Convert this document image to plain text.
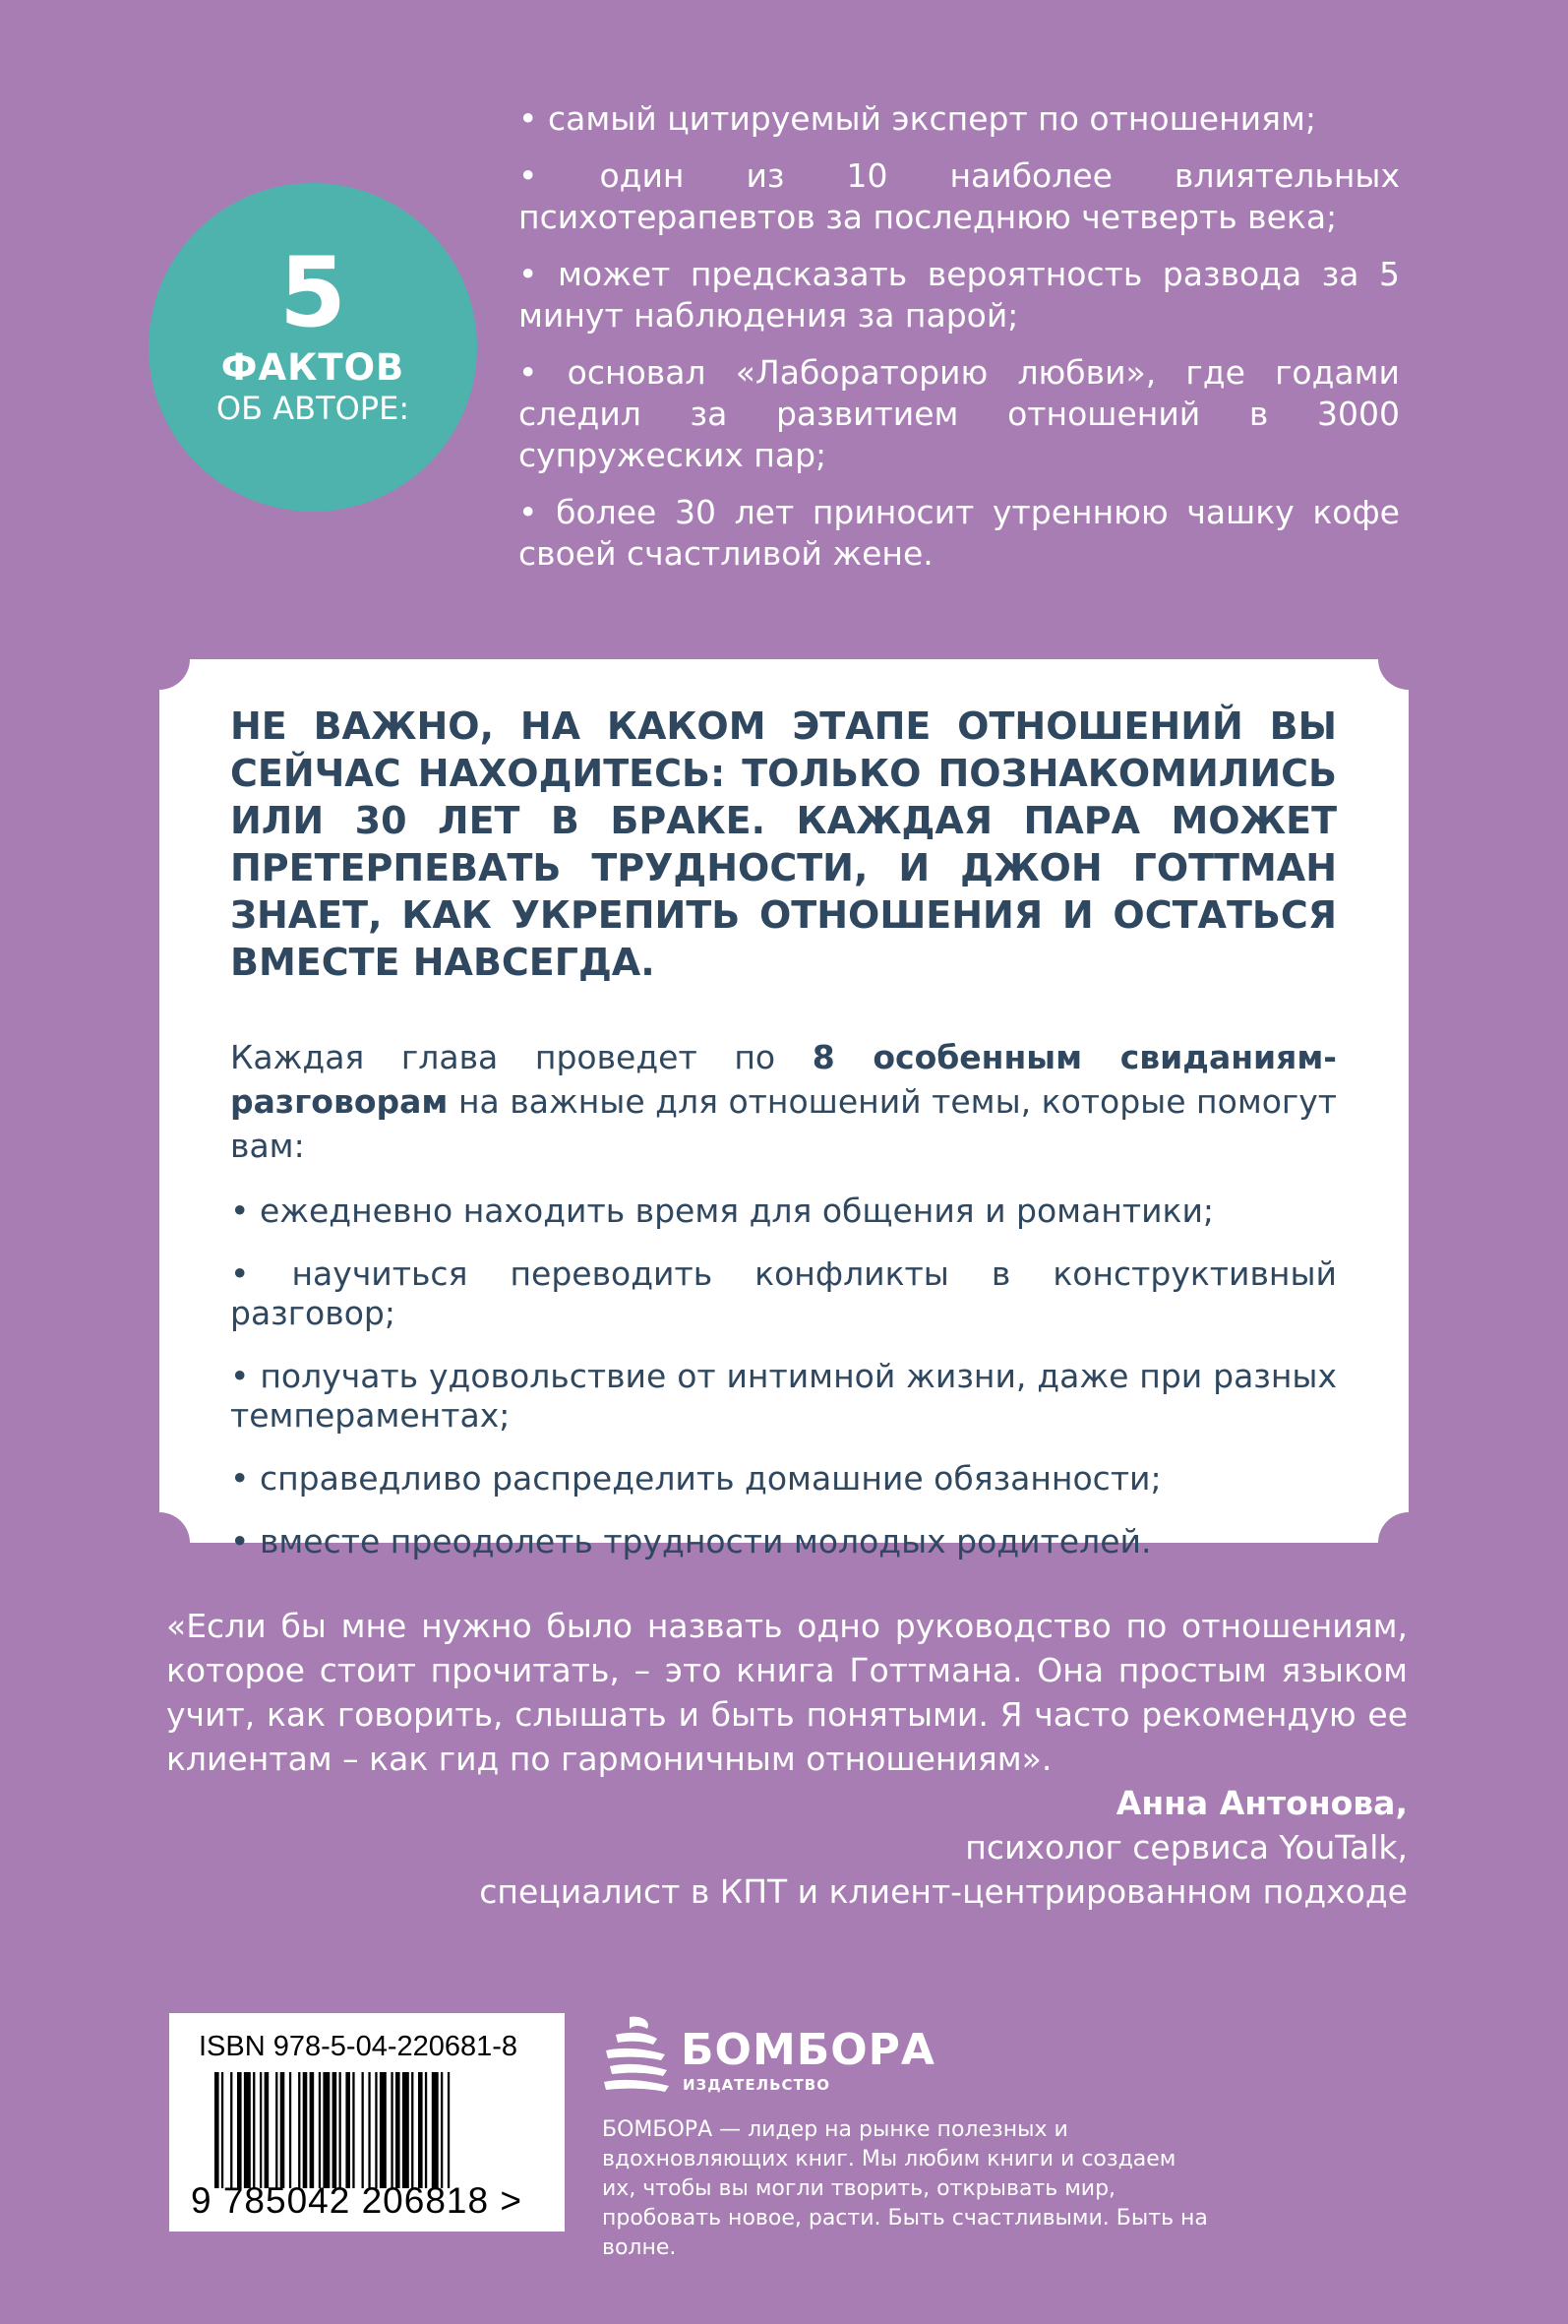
5
ФАКТОВ
ОБ АВТОРЕ:
• самый цитируемый эксперт по отношениям;
• один из 10 наиболее влиятельных психотерапевтов за последнюю четверть века;
• может предсказать вероятность развода за 5 минут наблюдения за парой;
• основал «Лабораторию любви», где годами следил за развитием отношений в 3000 супружеских пар;
• более 30 лет приносит утреннюю чашку кофе своей счастливой жене.

НЕ ВАЖНО, НА КАКОМ ЭТАПЕ ОТНОШЕНИЙ ВЫ СЕЙЧАС НАХОДИТЕСЬ: ТОЛЬКО ПОЗНАКОМИЛИСЬ ИЛИ 30 ЛЕТ В БРАКЕ. КАЖДАЯ ПАРА МОЖЕТ ПРЕТЕРПЕВАТЬ ТРУДНОСТИ, И ДЖОН ГОТТМАН ЗНАЕТ, КАК УКРЕПИТЬ ОТНОШЕНИЯ И ОСТАТЬСЯ ВМЕСТЕ НАВСЕГДА.

Каждая глава проведет по 8 особенным свиданиям-разговорам на важные для отношений темы, которые помогут вам:

• ежедневно находить время для общения и романтики;
• научиться переводить конфликты в конструктивный разговор;
• получать удовольствие от интимной жизни, даже при разных темпераментах;
• справедливо распределить домашние обязанности;
• вместе преодолеть трудности молодых родителей.
«Если бы мне нужно было назвать одно руководство по отношениям, которое стоит прочитать, – это книга Готтмана. Она простым языком учит, как говорить, слышать и быть понятыми. Я часто рекомендую ее клиентам – как гид по гармоничным отношениям».
Анна Антонова,
психолог сервиса YouTalk,
специалист в КПТ и клиент-центрированном подходе
ISBN 978-5-04-220681-8
9 785042 206818 >
БОМБОРА
ИЗДАТЕЛЬСТВО
БОМБОРА — лидер на рынке полезных и вдохновляющих книг. Мы любим книги и создаем их, чтобы вы могли творить, открывать мир, пробовать новое, расти. Быть счастливыми. Быть на волне.
